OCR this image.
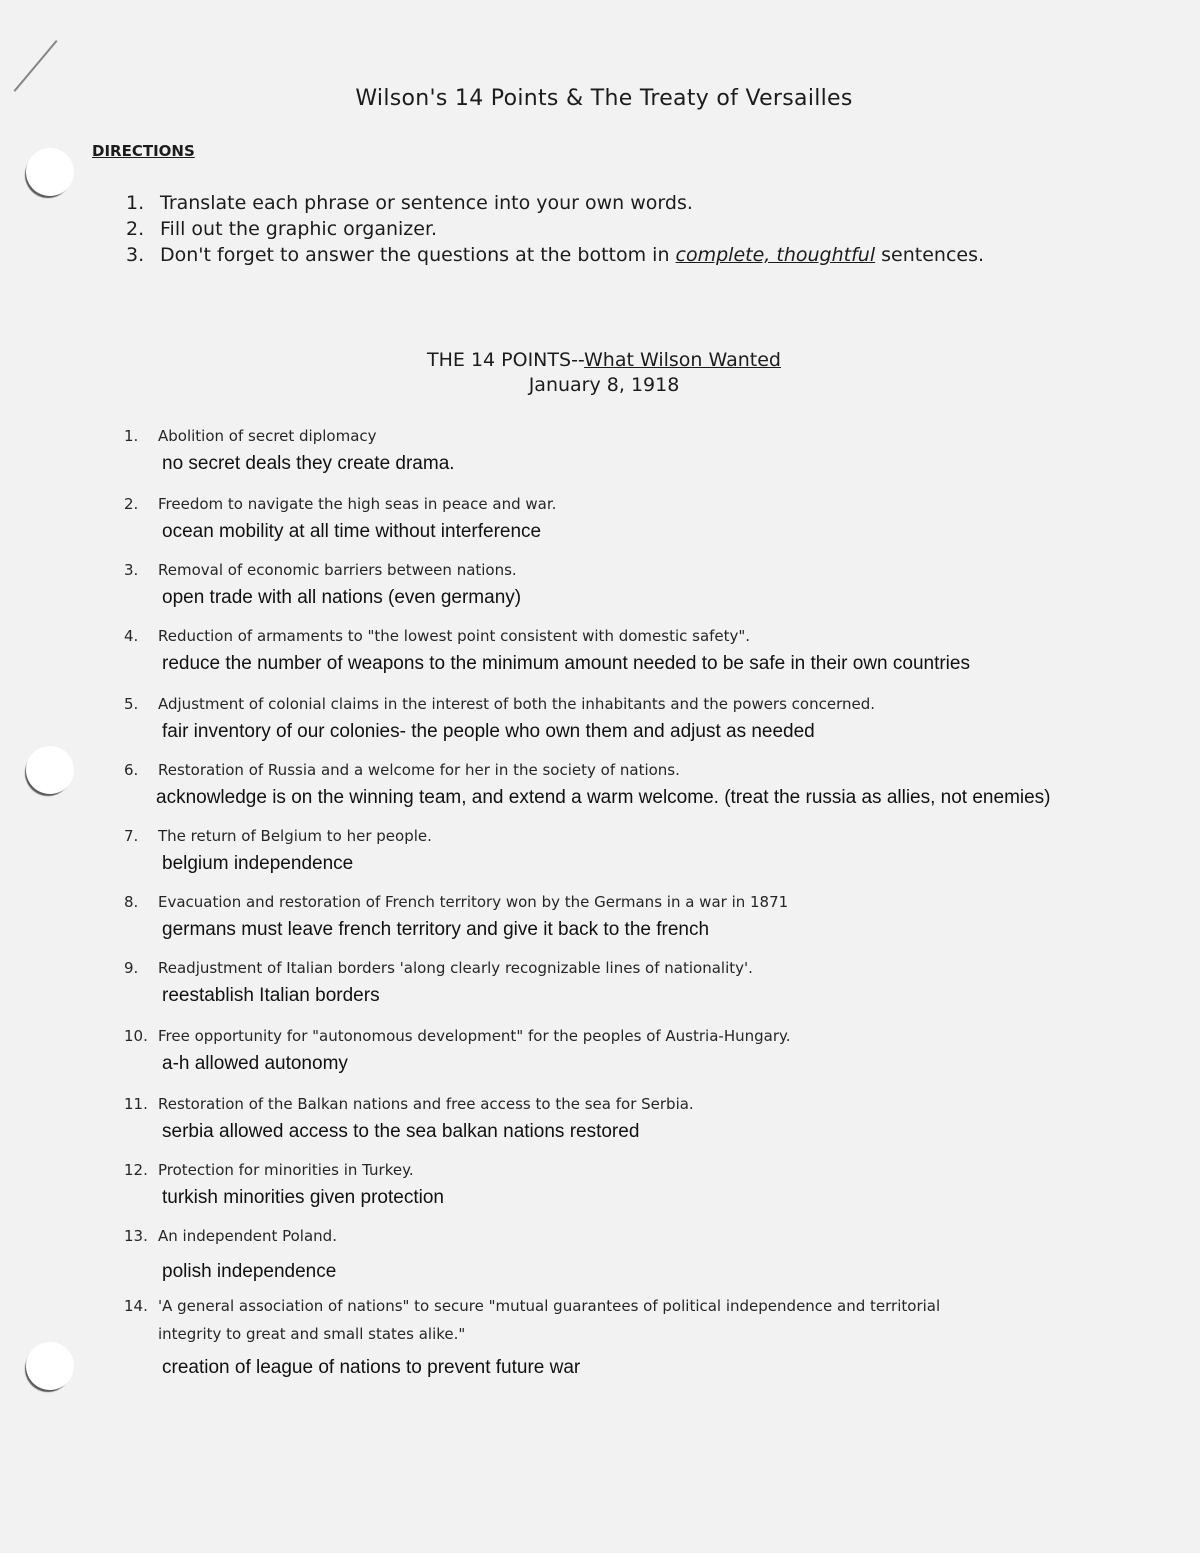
Wilson's 14 Points & The Treaty of Versailles
DIRECTIONS
1. Translate each phrase or sentence into your own words.
2. Fill out the graphic organizer.
3. Don't forget to answer the questions at the bottom in complete, thoughtful sentences.
THE 14 POINTS--What Wilson Wanted
January 8, 1918
1. Abolition of secret diplomacy
no secret deals they create drama.
2. Freedom to navigate the high seas in peace and war.
ocean mobility at all time without interference
3. Removal of economic barriers between nations.
open trade with all nations (even germany)
4. Reduction of armaments to "the lowest point consistent with domestic safety".
reduce the number of weapons to the minimum amount needed to be safe in their own countries
5. Adjustment of colonial claims in the interest of both the inhabitants and the powers concerned.
fair inventory of our colonies- the people who own them and adjust as needed
6. Restoration of Russia and a welcome for her in the society of nations.
acknowledge is on the winning team, and extend a warm welcome. (treat the russia as allies, not enemies)
7. The return of Belgium to her people.
belgium independence
8. Evacuation and restoration of French territory won by the Germans in a war in 1871
germans must leave french territory and give it back to the french
9. Readjustment of Italian borders 'along clearly recognizable lines of nationality'.
reestablish Italian borders
10. Free opportunity for "autonomous development" for the peoples of Austria-Hungary.
a-h allowed autonomy
11. Restoration of the Balkan nations and free access to the sea for Serbia.
serbia allowed access to the sea balkan nations restored
12. Protection for minorities in Turkey.
turkish minorities given protection
13. An independent Poland.
polish independence
14. 'A general association of nations" to secure "mutual guarantees of political independence and territorial
integrity to great and small states alike."
creation of league of nations to prevent future war
